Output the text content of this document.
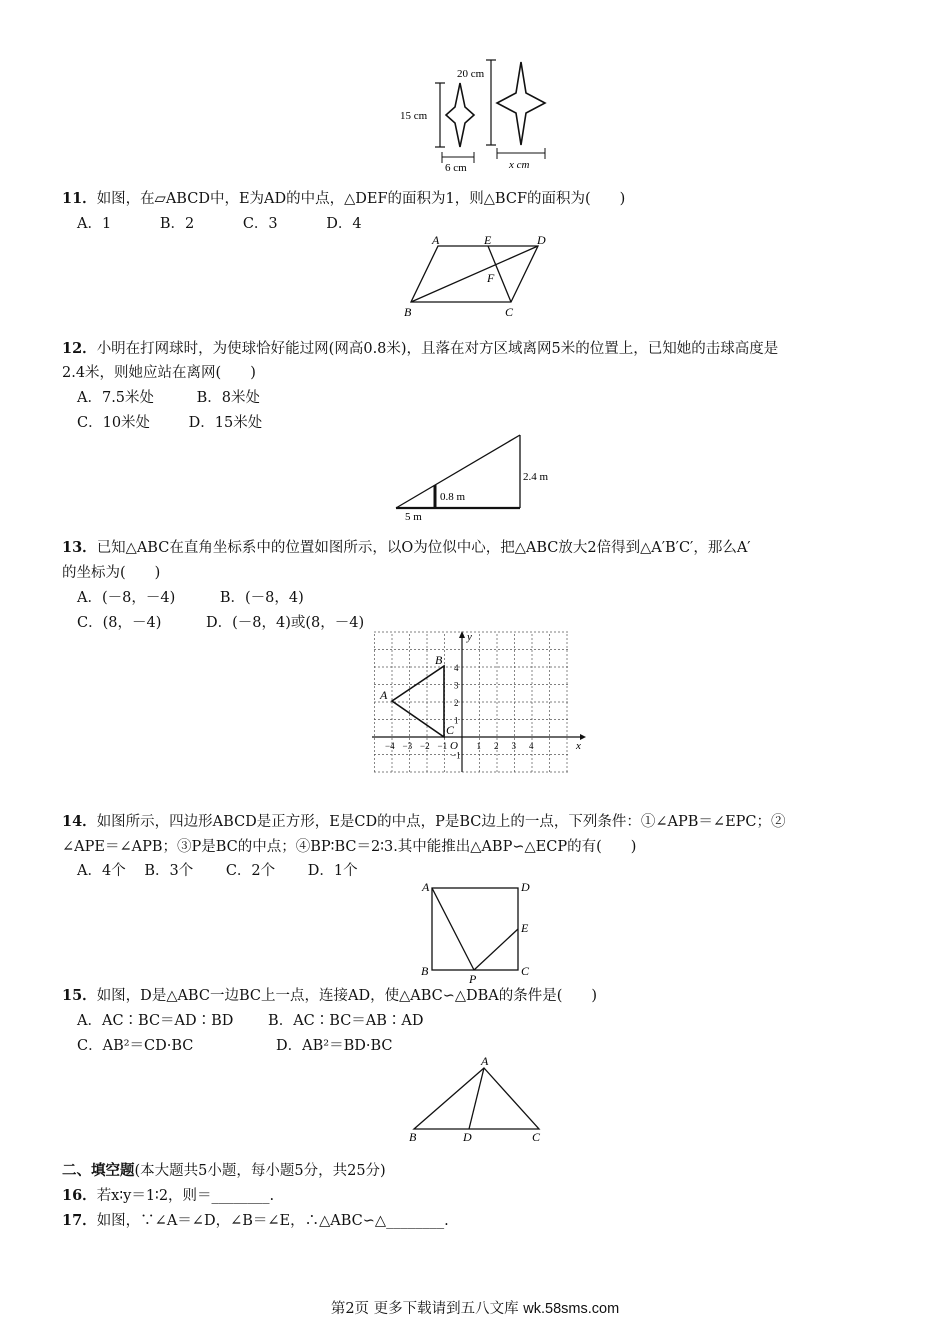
15 cm
6 cm
20 cm
x cm
11．如图，在▱ABCD中，E为AD的中点，△DEF的面积为1，则△BCF的面积为(　　)
A．1	B．2	C．3	D．4
A	E	D
F
B	C
12．小明在打网球时，为使球恰好能过网(网高0.8米)，且落在对方区域离网5米的位置上，已知她的击球高度是
2.4米，则她应站在离网(　　)
A．7.5米处	B．8米处
C．10米处	D．15米处
2.4 m
0.8 m
5 m
13．已知△ABC在直角坐标系中的位置如图所示，以O为位似中心，把△ABC放大2倍得到△A′B′C′，那么A′
的坐标为(　　)
A．(－8，－4)	B．(－8，4)
C．(8，－4)	D．(－8，4)或(8，－4)
−4 −3 −2 −1	1 2 3 4
4
3
2
1
−1
A
B
C
O	x
y
14．如图所示，四边形ABCD是正方形，E是CD的中点，P是BC边上的一点，下列条件：①∠APB＝∠EPC；②
∠APE＝∠APB；③P是BC的中点；④BP∶BC＝2∶3.其中能推出△ABP∽△ECP的有(　　)
A．4个 B．3个 C．2个 D．1个
A	D
E
B
P
C
15．如图，D是△ABC一边BC上一点，连接AD，使△ABC∽△DBA的条件是(　　)
A．AC∶BC＝AD∶BD B．AC∶BC＝AB∶AD
C．AB²＝CD·BC	D．AB²＝BD·BC
A
B	D	C
二、填空题(本大题共5小题，每小题5分，共25分)
16．若x∶y＝1∶2，则＝________.
17．如图，∵∠A＝∠D，∠B＝∠E，∴△ABC∽△________.
第2页 更多下载请到五八文库 wk.58sms.com
